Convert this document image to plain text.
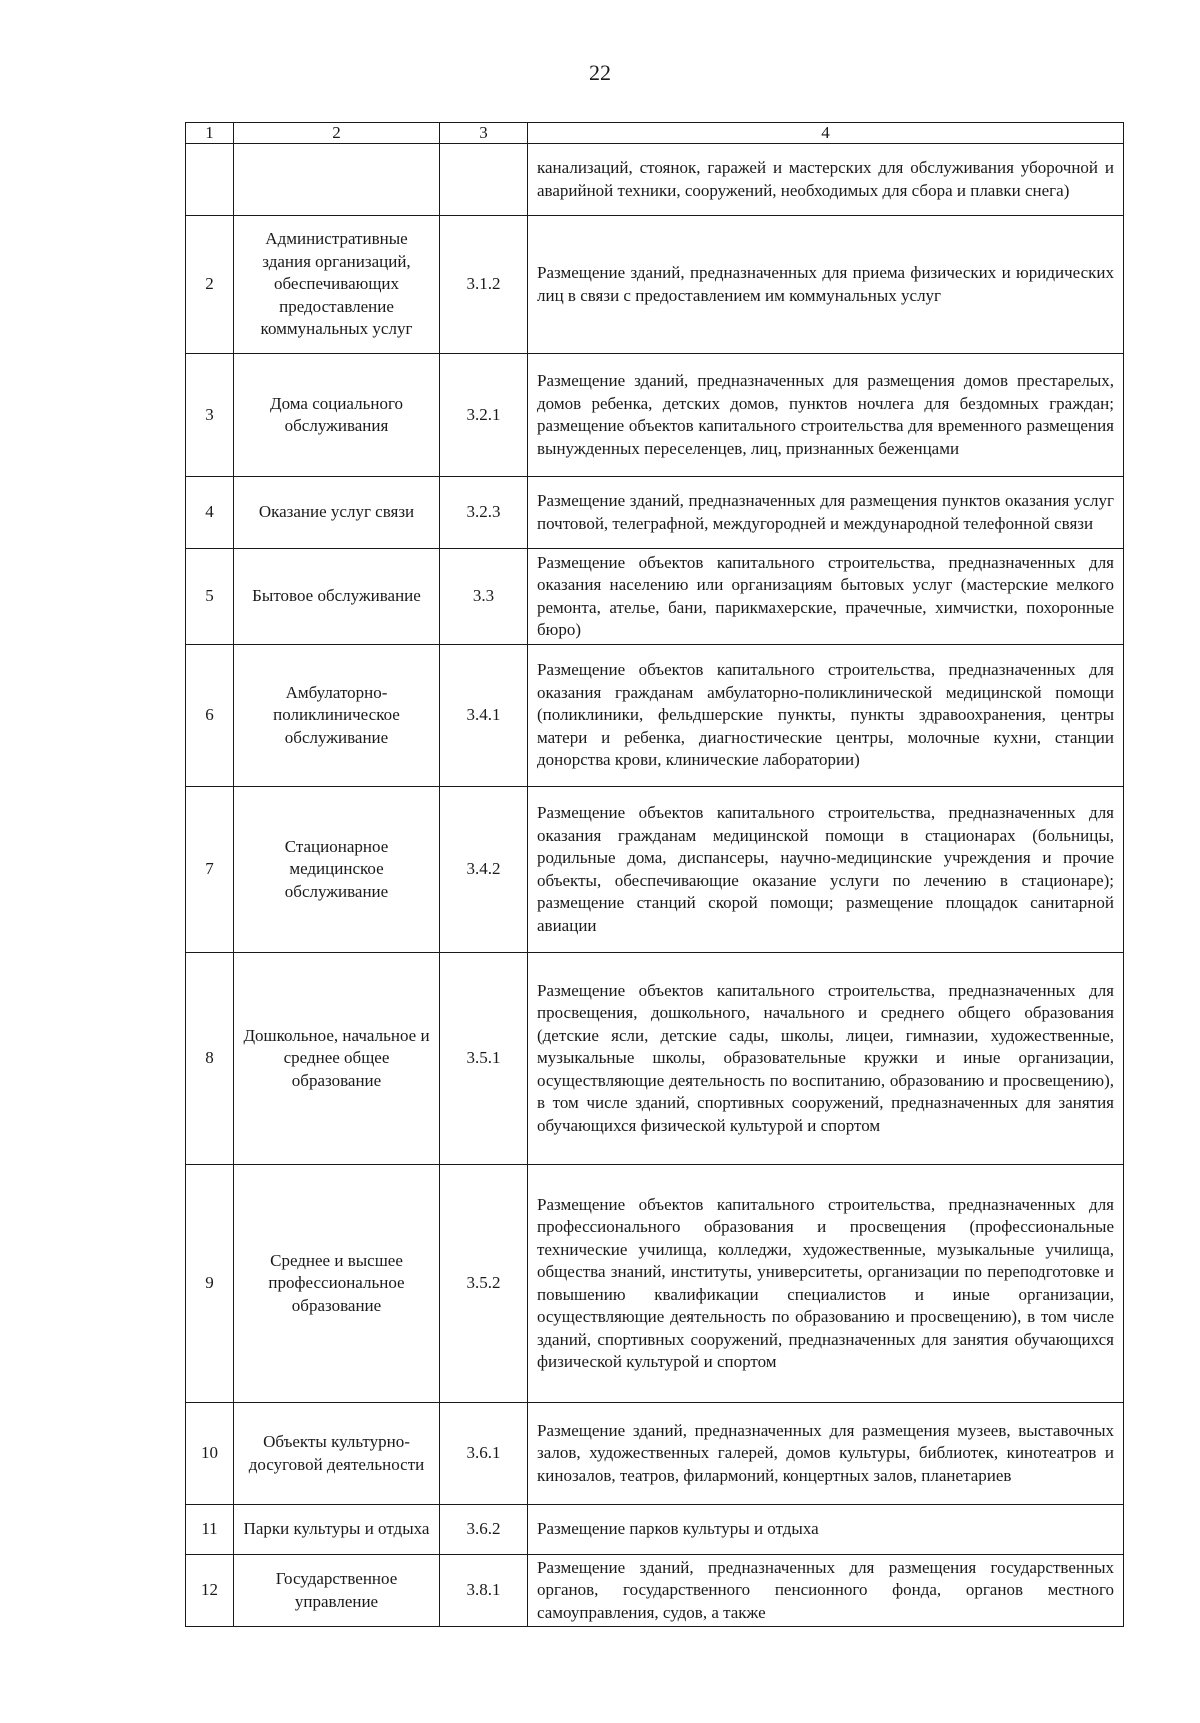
22
1	2	3	4
			канализаций, стоянок, гаражей и мастерских для обслуживания уборочной и аварийной техники, сооружений, необходимых для сбора и плавки снега)
2	Административные здания организаций, обеспечивающих предоставление коммунальных услуг	3.1.2	Размещение зданий, предназначенных для приема физических и юридических лиц в связи с предоставлением им коммунальных услуг
3	Дома социального обслуживания	3.2.1	Размещение зданий, предназначенных для размещения домов престарелых, домов ребенка, детских домов, пунктов ночлега для бездомных граждан; размещение объектов капитального строительства для временного размещения вынужденных переселенцев, лиц, признанных беженцами
4	Оказание услуг связи	3.2.3	Размещение зданий, предназначенных для размещения пунктов оказания услуг почтовой, телеграфной, междугородней и международной телефонной связи
5	Бытовое обслуживание	3.3	Размещение объектов капитального строительства, предназначенных для оказания населению или организациям бытовых услуг (мастерские мелкого ремонта, ателье, бани, парикмахерские, прачечные, химчистки, похоронные бюро)
6	Амбулаторно-поликлиническое обслуживание	3.4.1	Размещение объектов капитального строительства, предназначенных для оказания гражданам амбулаторно-поликлинической медицинской помощи (поликлиники, фельдшерские пункты, пункты здравоохранения, центры матери и ребенка, диагностические центры, молочные кухни, станции донорства крови, клинические лаборатории)
7	Стационарное медицинское обслуживание	3.4.2	Размещение объектов капитального строительства, предназначенных для оказания гражданам медицинской помощи в стационарах (больницы, родильные дома, диспансеры, научно-медицинские учреждения и прочие объекты, обеспечивающие оказание услуги по лечению в стационаре); размещение станций скорой помощи; размещение площадок санитарной авиации
8	Дошкольное, начальное и среднее общее образование	3.5.1	Размещение объектов капитального строительства, предназначенных для просвещения, дошкольного, начального и среднего общего образования (детские ясли, детские сады, школы, лицеи, гимназии, художественные, музыкальные школы, образовательные кружки и иные организации, осуществляющие деятельность по воспитанию, образованию и просвещению), в том числе зданий, спортивных сооружений, предназначенных для занятия обучающихся физической культурой и спортом
9	Среднее и высшее профессиональное образование	3.5.2	Размещение объектов капитального строительства, предназначенных для профессионального образования и просвещения (профессиональные технические училища, колледжи, художественные, музыкальные училища, общества знаний, институты, университеты, организации по переподготовке и повышению квалификации специалистов и иные организации, осуществляющие деятельность по образованию и просвещению), в том числе зданий, спортивных сооружений, предназначенных для занятия обучающихся физической культурой и спортом
10	Объекты культурно-досуговой деятельности	3.6.1	Размещение зданий, предназначенных для размещения музеев, выставочных залов, художественных галерей, домов культуры, библиотек, кинотеатров и кинозалов, театров, филармоний, концертных залов, планетариев
11	Парки культуры и отдыха	3.6.2	Размещение парков культуры и отдыха
12	Государственное управление	3.8.1	Размещение зданий, предназначенных для размещения государственных органов, государственного пенсионного фонда, органов местного самоуправления, судов, а также
